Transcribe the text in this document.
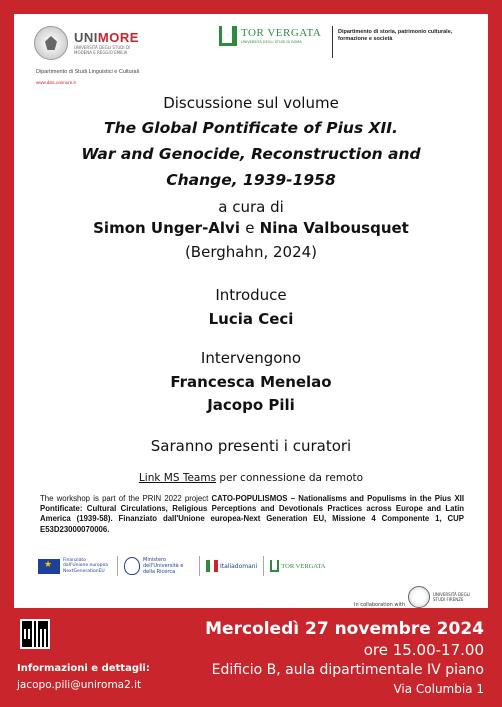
UNIMORE
UNIVERSITÀ DEGLI STUDI DI MODENA E REGGIO EMILIA
Dipartimento di Studi Linguistici e Culturali
www.dslc.unimore.it
TOR VERGATA
UNIVERSITÀ DEGLI STUDI DI ROMA
Dipartimento di storia, patrimonio culturale, formazione e società
Discussione sul volume
The Global Pontificate of Pius XII.
War and Genocide, Reconstruction and
Change, 1939-1958
a cura di
Simon Unger-Alvi e Nina Valbousquet
(Berghahn, 2024)
Introduce
Lucia Ceci
Intervengono
Francesca Menelao
Jacopo Pili
Saranno presenti i curatori
Link MS Teams per connessione da remoto
The workshop is part of the PRIN 2022 project CATO-POPULISMOS – Nationalisms and Populisms in the Pius XII Pontificate: Cultural Circulations, Religious Perceptions and Devotionals Practices across Europe and Latin America (1939-58). Finanziato dall'Unione europea-Next Generation EU, Missione 4 Componente 1, CUP E53D23000070006.
★
Finanziato dall'Unione europea NextGenerationEU
Ministero dell'Università e della Ricerca
Italiadomani	TOR VERGATA
In collaboration with
UNIVERSITÀ DEGLI STUDI FIRENZE
Informazioni e dettagli:
jacopo.pili@uniroma2.it
Mercoledì 27 novembre 2024
ore 15.00-17.00
Edificio B, aula dipartimentale IV piano
Via Columbia 1
